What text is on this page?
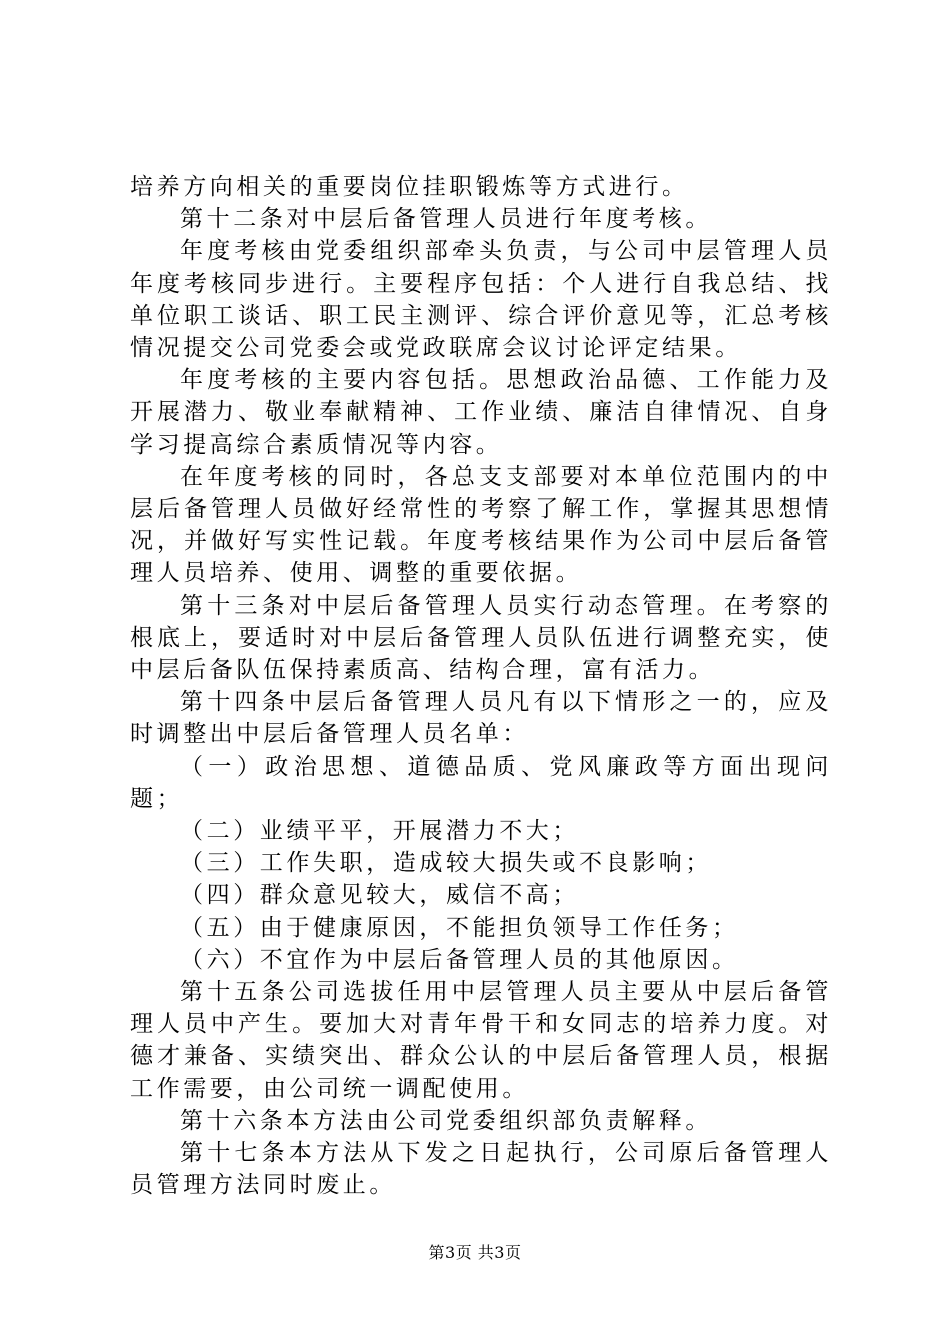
培养方向相关的重要岗位挂职锻炼等方式进行。

第十二条对中层后备管理人员进行年度考核。

年度考核由党委组织部牵头负责，与公司中层管理人员年度考核同步进行。主要程序包括：个人进行自我总结、找单位职工谈话、职工民主测评、综合评价意见等，汇总考核情况提交公司党委会或党政联席会议讨论评定结果。

年度考核的主要内容包括。思想政治品德、工作能力及开展潜力、敬业奉献精神、工作业绩、廉洁自律情况、自身学习提高综合素质情况等内容。

在年度考核的同时，各总支支部要对本单位范围内的中层后备管理人员做好经常性的考察了解工作，掌握其思想情况，并做好写实性记载。年度考核结果作为公司中层后备管理人员培养、使用、调整的重要依据。

第十三条对中层后备管理人员实行动态管理。在考察的根底上，要适时对中层后备管理人员队伍进行调整充实，使中层后备队伍保持素质高、结构合理，富有活力。

第十四条中层后备管理人员凡有以下情形之一的，应及时调整出中层后备管理人员名单：

（一）政治思想、道德品质、党风廉政等方面出现问题；

（二）业绩平平，开展潜力不大；

（三）工作失职，造成较大损失或不良影响；

（四）群众意见较大，威信不高；

（五）由于健康原因，不能担负领导工作任务；

（六）不宜作为中层后备管理人员的其他原因。

第十五条公司选拔任用中层管理人员主要从中层后备管理人员中产生。要加大对青年骨干和女同志的培养力度。对德才兼备、实绩突出、群众公认的中层后备管理人员，根据工作需要，由公司统一调配使用。

第十六条本方法由公司党委组织部负责解释。

第十七条本方法从下发之日起执行，公司原后备管理人员管理方法同时废止。

第3页 共3页
